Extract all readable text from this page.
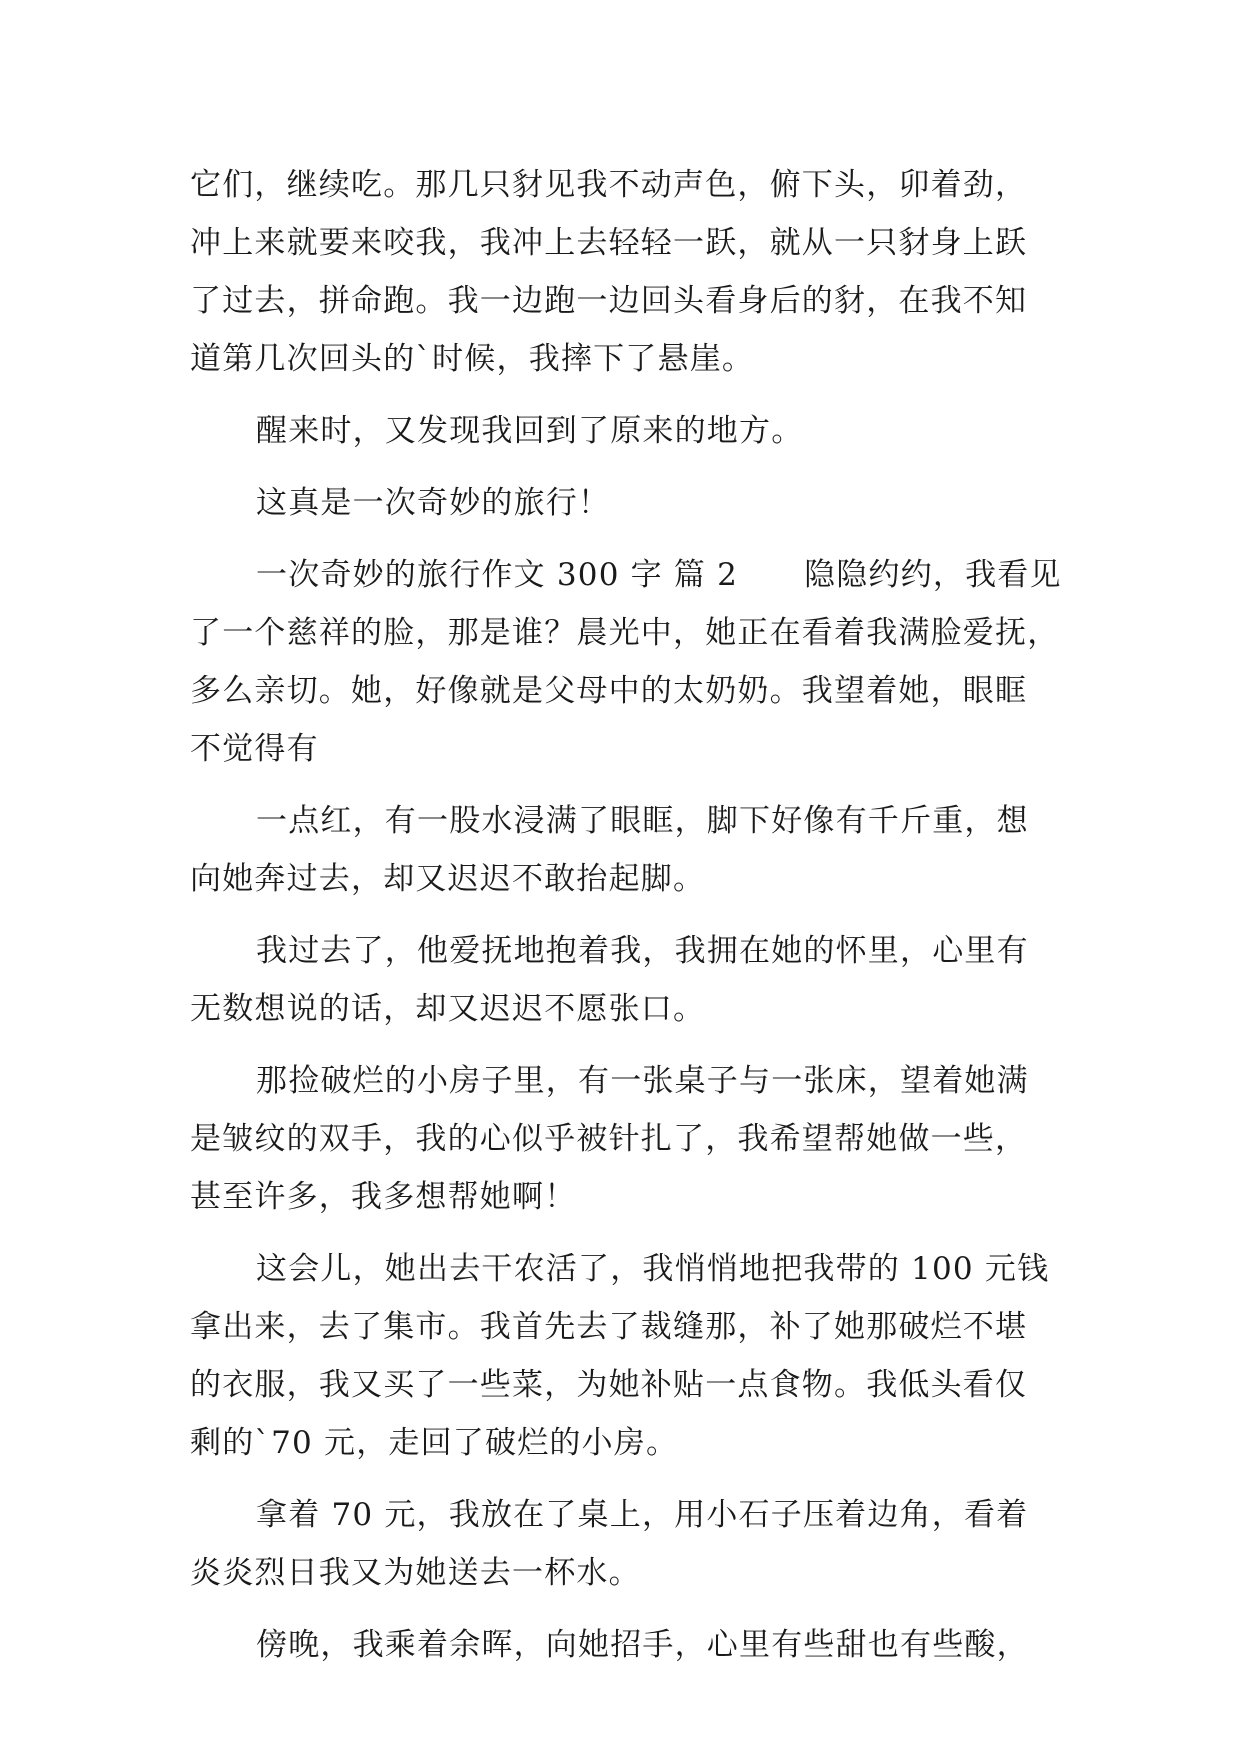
它们，继续吃。那几只豺见我不动声色，俯下头，卯着劲，
冲上来就要来咬我，我冲上去轻轻一跃，就从一只豺身上跃
了过去，拼命跑。我一边跑一边回头看身后的豺，在我不知
道第几次回头的`时候，我摔下了悬崖。
醒来时，又发现我回到了原来的地方。
这真是一次奇妙的旅行！
一次奇妙的旅行作文 300 字 篇 2 隐隐约约，我看见
了一个慈祥的脸，那是谁？晨光中，她正在看着我满脸爱抚，
多么亲切。她，好像就是父母中的太奶奶。我望着她，眼眶
不觉得有
一点红，有一股水浸满了眼眶，脚下好像有千斤重，想
向她奔过去，却又迟迟不敢抬起脚。
我过去了，他爱抚地抱着我，我拥在她的怀里，心里有
无数想说的话，却又迟迟不愿张口。
那捡破烂的小房子里，有一张桌子与一张床，望着她满
是皱纹的双手，我的心似乎被针扎了，我希望帮她做一些，
甚至许多，我多想帮她啊！
这会儿，她出去干农活了，我悄悄地把我带的 100 元钱
拿出来，去了集市。我首先去了裁缝那，补了她那破烂不堪
的衣服，我又买了一些菜，为她补贴一点食物。我低头看仅
剩的`70 元，走回了破烂的小房。
拿着 70 元，我放在了桌上，用小石子压着边角，看着
炎炎烈日我又为她送去一杯水。
傍晚，我乘着余晖，向她招手，心里有些甜也有些酸，
